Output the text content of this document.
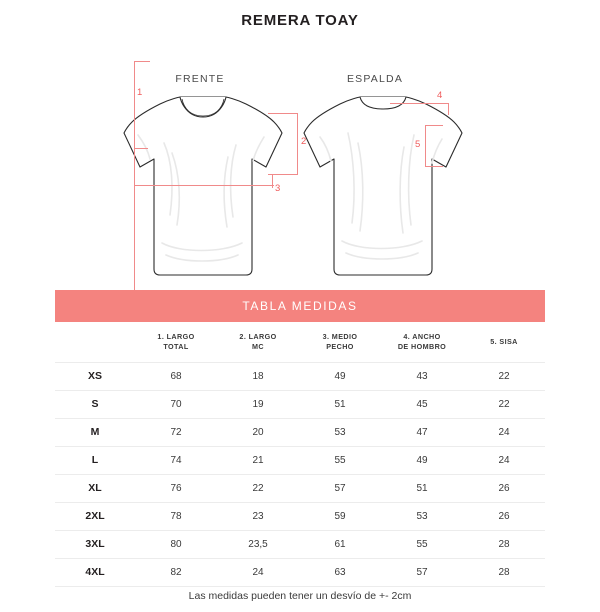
REMERA TOAY
FRENTE	ESPALDA
1
2
3
4
5
TABLA MEDIDAS

1. LARGO
TOTAL

2. LARGO
MC

3. MEDIO
PECHO

4. ANCHO
DE HOMBRO

5. SISA

XS	68	18	49	43	22
S	70	19	51	45	22
M	72	20	53	47	24
L	74	21	55	49	24
XL	76	22	57	51	26
2XL	78	23	59	53	26
3XL	80	23,5	61	55	28
4XL	82	24	63	57	28
Las medidas pueden tener un desvío de +- 2cm
